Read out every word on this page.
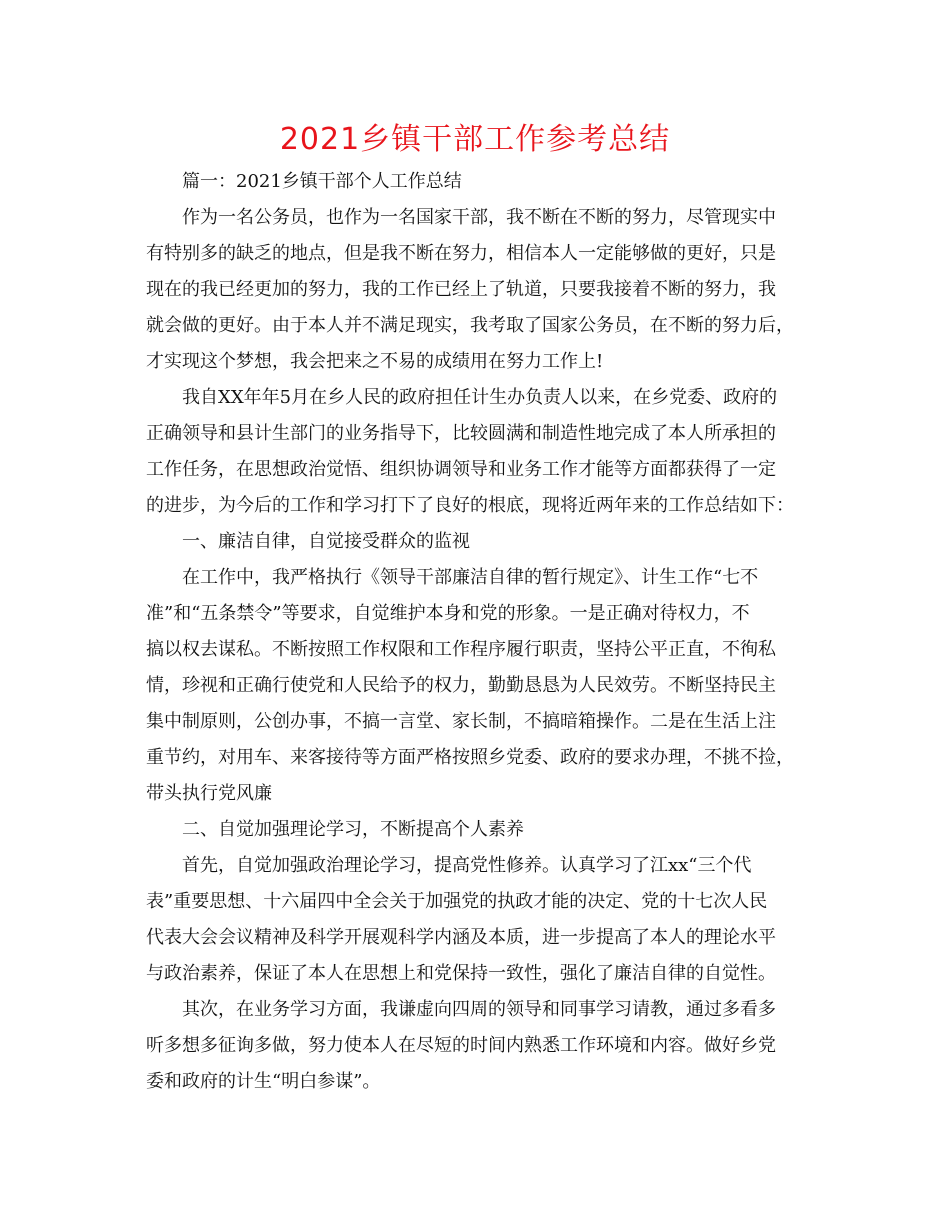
2021乡镇干部工作参考总结
篇一：2021乡镇干部个人工作总结
作为一名公务员，也作为一名国家干部，我不断在不断的努力，尽管现实中
有特别多的缺乏的地点，但是我不断在努力，相信本人一定能够做的更好，只是
现在的我已经更加的努力，我的工作已经上了轨道，只要我接着不断的努力，我
就会做的更好。由于本人并不满足现实，我考取了国家公务员，在不断的努力后，
才实现这个梦想，我会把来之不易的成绩用在努力工作上!
我自XX年年5月在乡人民的政府担任计生办负责人以来，在乡党委、政府的
正确领导和县计生部门的业务指导下，比较圆满和制造性地完成了本人所承担的
工作任务，在思想政治觉悟、组织协调领导和业务工作才能等方面都获得了一定
的进步，为今后的工作和学习打下了良好的根底，现将近两年来的工作总结如下：
一、廉洁自律，自觉接受群众的监视
在工作中，我严格执行《领导干部廉洁自律的暂行规定》、计生工作“七不
准”和“五条禁令”等要求，自觉维护本身和党的形象。一是正确对待权力，不
搞以权去谋私。不断按照工作权限和工作程序履行职责，坚持公平正直，不徇私
情，珍视和正确行使党和人民给予的权力，勤勤恳恳为人民效劳。不断坚持民主
集中制原则，公创办事，不搞一言堂、家长制，不搞暗箱操作。二是在生活上注
重节约，对用车、来客接待等方面严格按照乡党委、政府的要求办理，不挑不捡，
带头执行党风廉
二、自觉加强理论学习，不断提高个人素养
首先，自觉加强政治理论学习，提高党性修养。认真学习了江xx“三个代
表”重要思想、十六届四中全会关于加强党的执政才能的决定、党的十七次人民
代表大会会议精神及科学开展观科学内涵及本质，进一步提高了本人的理论水平
与政治素养，保证了本人在思想上和党保持一致性，强化了廉洁自律的自觉性。
其次，在业务学习方面，我谦虚向四周的领导和同事学习请教，通过多看多
听多想多征询多做，努力使本人在尽短的时间内熟悉工作环境和内容。做好乡党
委和政府的计生“明白参谋”。
